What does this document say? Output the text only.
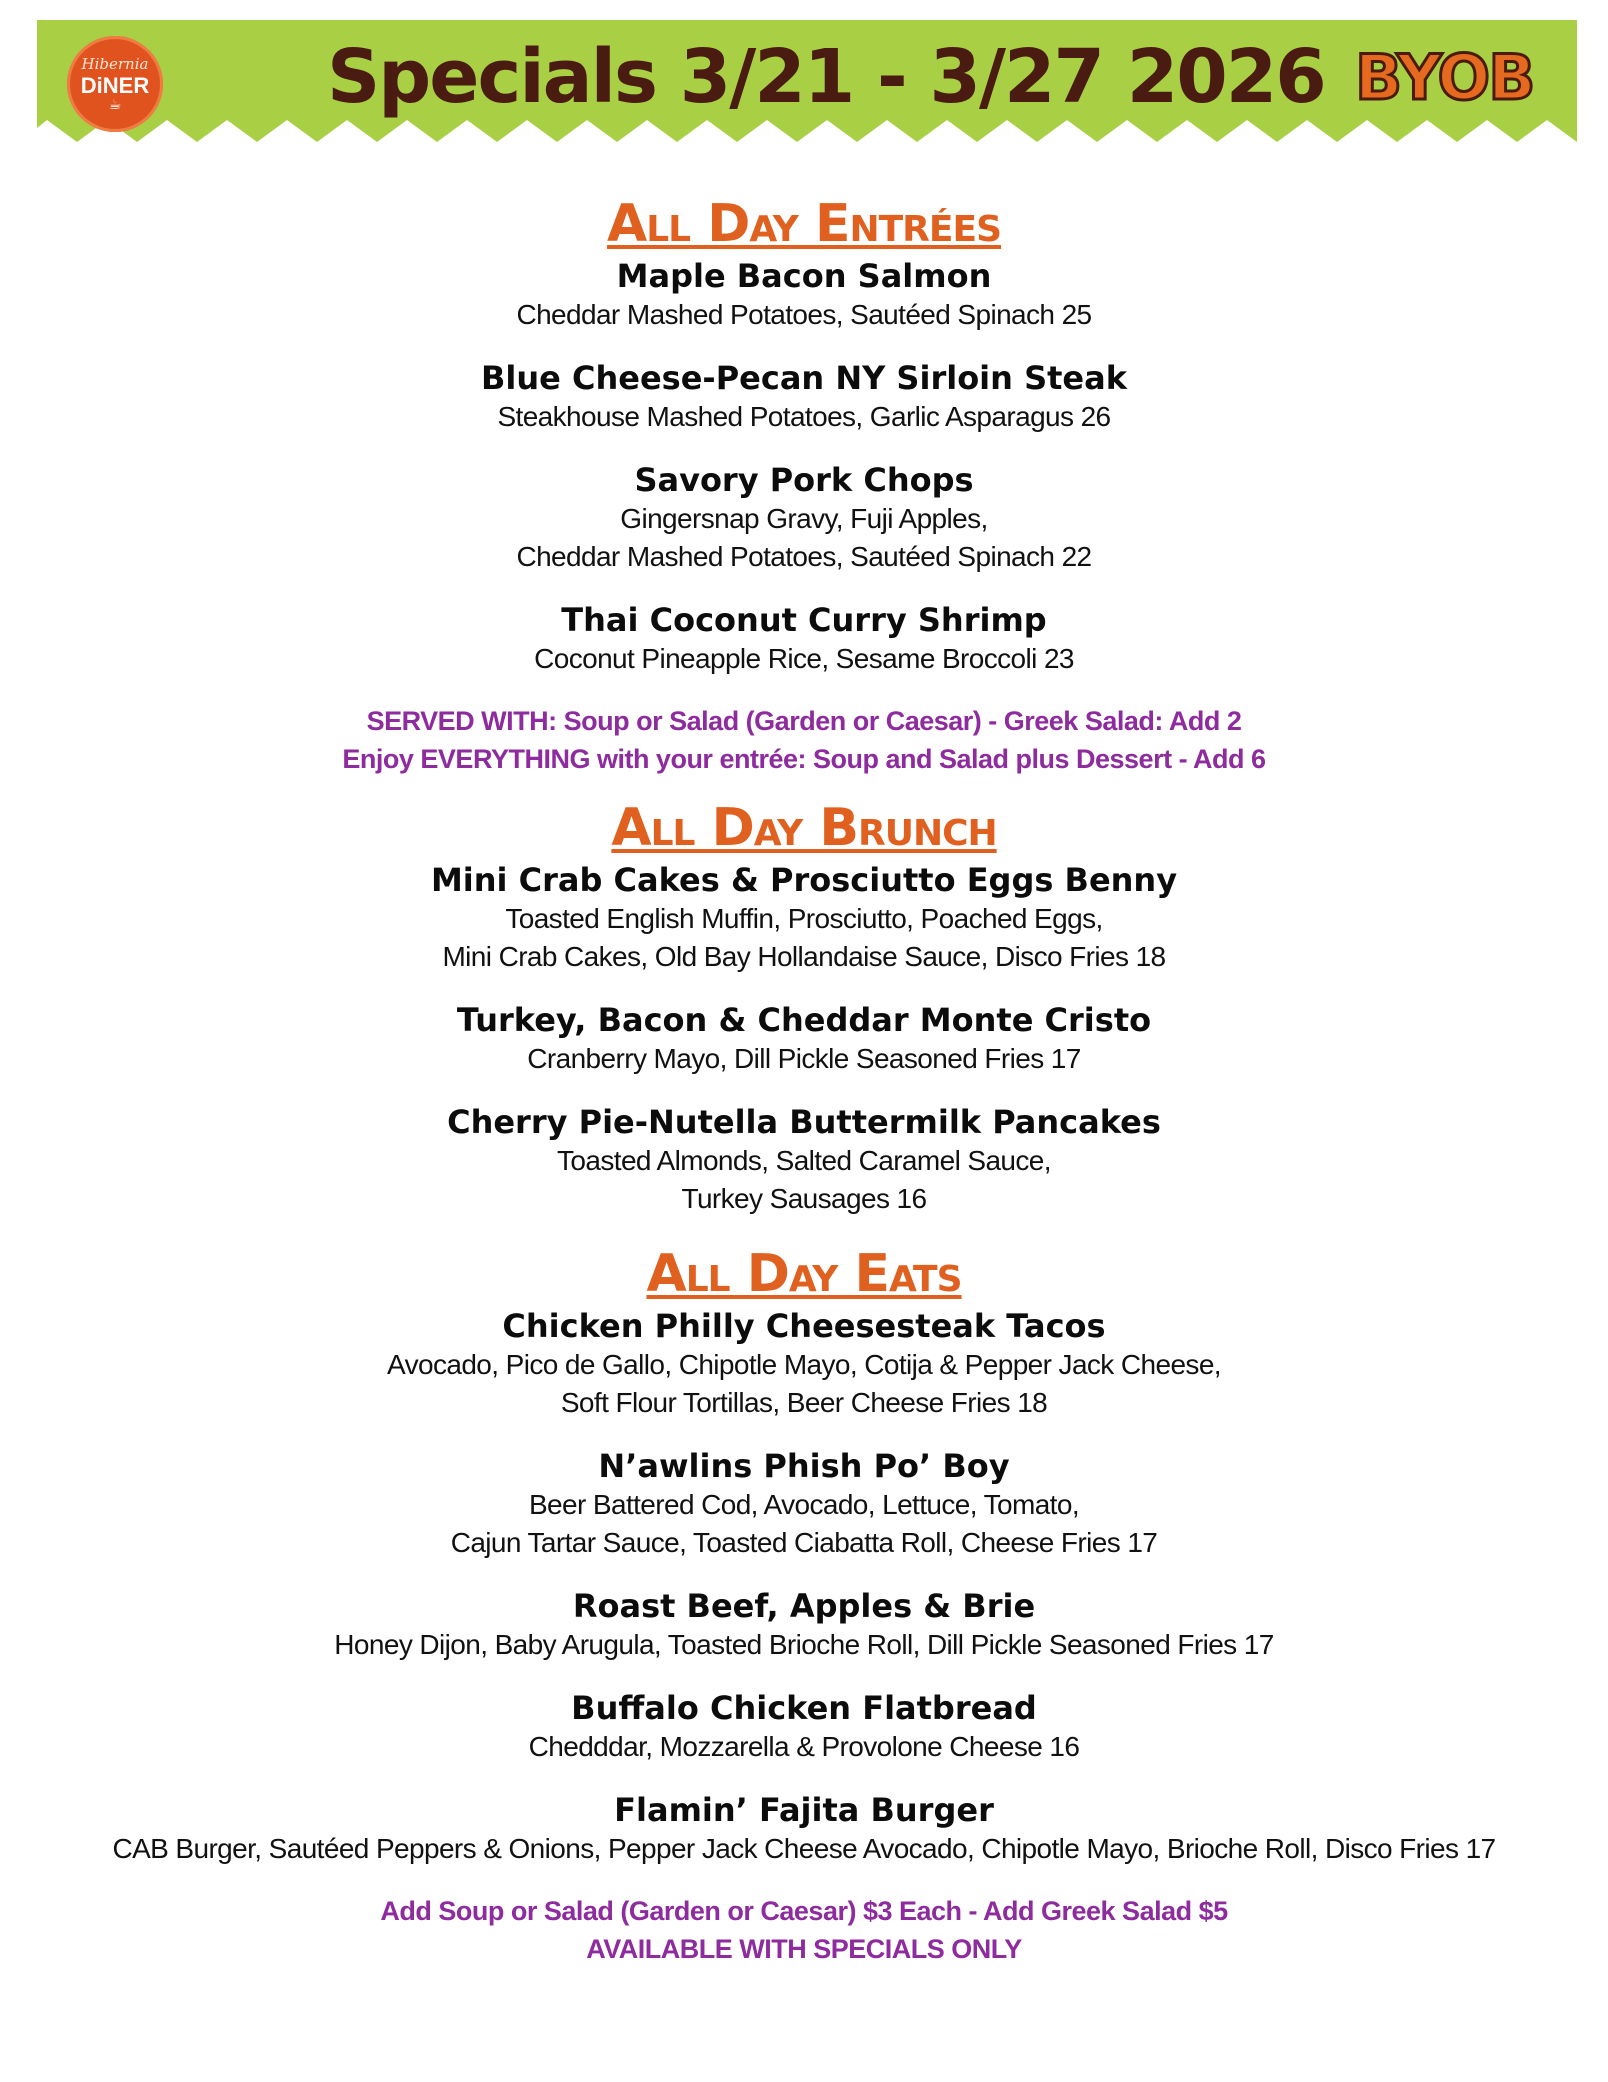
Hibernia
DiNER
☕	Specials 3/21 - 3/27 2026 BYOB
All Day Entrées

Maple Bacon Salmon

Cheddar Mashed Potatoes, Sautéed Spinach 25

Blue Cheese-Pecan NY Sirloin Steak

Steakhouse Mashed Potatoes, Garlic Asparagus 26

Savory Pork Chops

Gingersnap Gravy, Fuji Apples,
Cheddar Mashed Potatoes, Sautéed Spinach 22

Thai Coconut Curry Shrimp

Coconut Pineapple Rice, Sesame Broccoli 23

SERVED WITH: Soup or Salad (Garden or Caesar) - Greek Salad: Add 2

Enjoy EVERYTHING with your entrée: Soup and Salad plus Dessert - Add 6

All Day Brunch

Mini Crab Cakes & Prosciutto Eggs Benny

Toasted English Muffin, Prosciutto, Poached Eggs,
Mini Crab Cakes, Old Bay Hollandaise Sauce, Disco Fries 18

Turkey, Bacon & Cheddar Monte Cristo

Cranberry Mayo, Dill Pickle Seasoned Fries 17

Cherry Pie-Nutella Buttermilk Pancakes

Toasted Almonds, Salted Caramel Sauce,
Turkey Sausages 16

All Day Eats

Chicken Philly Cheesesteak Tacos

Avocado, Pico de Gallo, Chipotle Mayo, Cotija & Pepper Jack Cheese,
Soft Flour Tortillas, Beer Cheese Fries 18

N’awlins Phish Po’ Boy

Beer Battered Cod, Avocado, Lettuce, Tomato,
Cajun Tartar Sauce, Toasted Ciabatta Roll, Cheese Fries 17

Roast Beef, Apples & Brie

Honey Dijon, Baby Arugula, Toasted Brioche Roll, Dill Pickle Seasoned Fries 17

Buffalo Chicken Flatbread

Chedddar, Mozzarella & Provolone Cheese 16

Flamin’ Fajita Burger

CAB Burger, Sautéed Peppers & Onions, Pepper Jack Cheese Avocado, Chipotle Mayo, Brioche Roll, Disco Fries 17

Add Soup or Salad (Garden or Caesar) $3 Each - Add Greek Salad $5

AVAILABLE WITH SPECIALS ONLY
